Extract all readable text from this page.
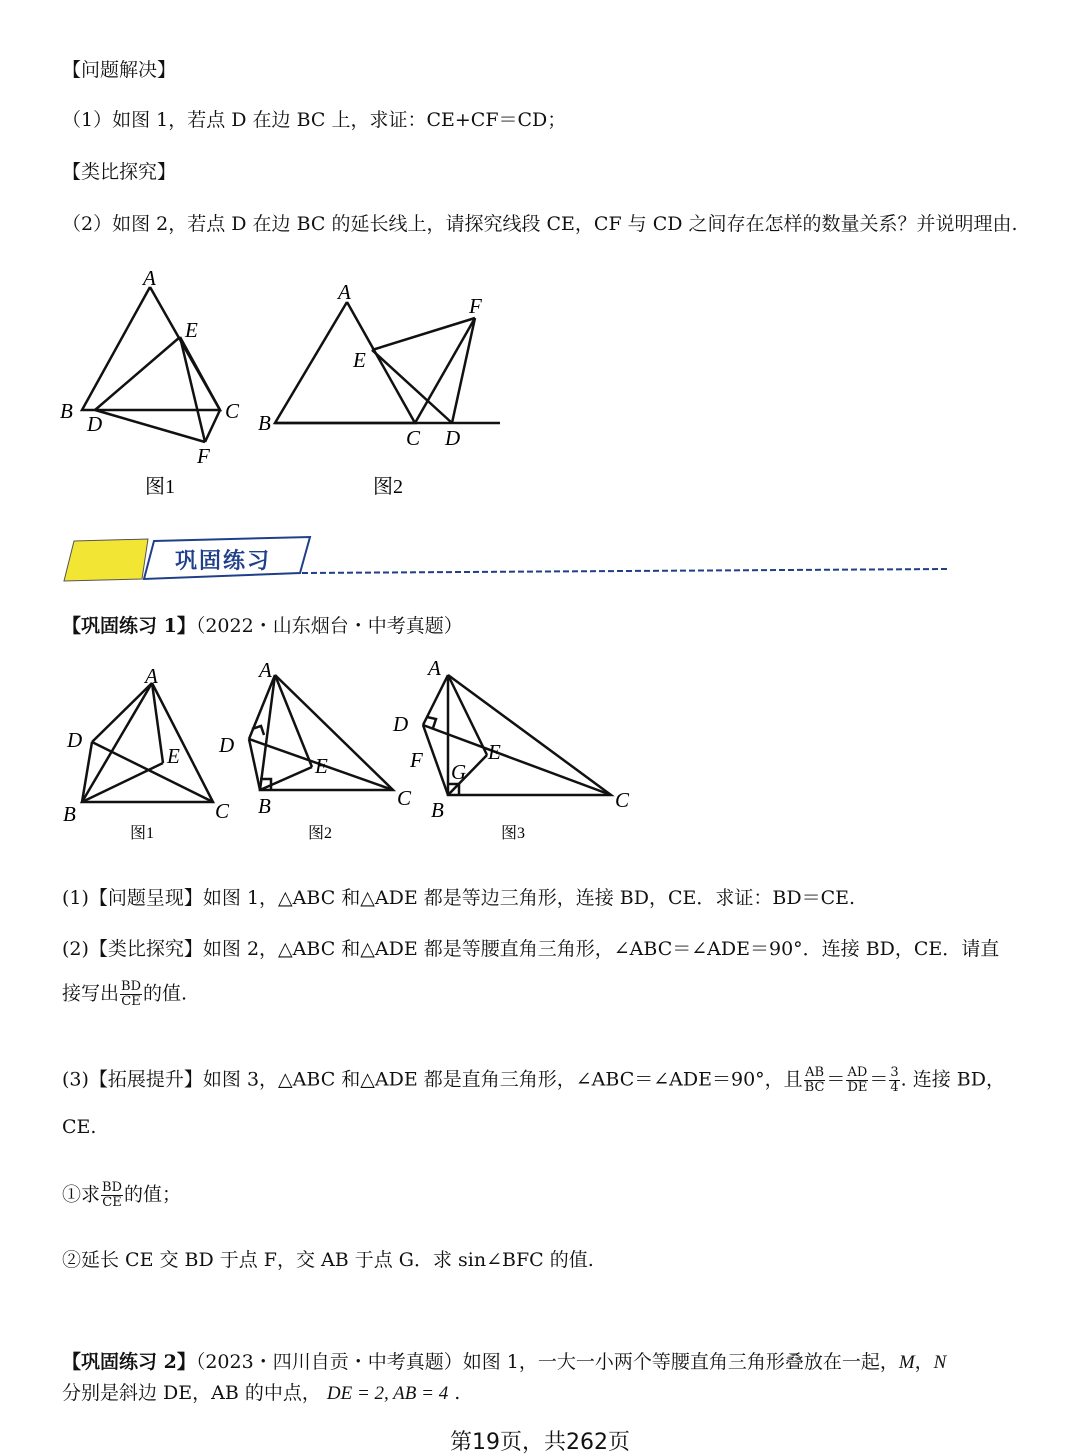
【问题解决】
（1）如图 1，若点 D 在边 BC 上，求证：CE+CF＝CD；
【类比探究】
（2）如图 2，若点 D 在边 BC 的延长线上，请探究线段 CE，CF 与 CD 之间存在怎样的数量关系？并说明理由.
A
E
B
D
C
F
图1
A
F
E
B
C D
图2
巩固练习
【巩固练习 1】（2022・山东烟台・中考真题）
A
D
E
B	C
图1
A
D
E
B	C
图2
A
D
F G
E
B	C
图3
(1)【问题呈现】如图 1，△ABC 和△ADE 都是等边三角形，连接 BD，CE．求证：BD＝CE.
(2)【类比探究】如图 2，△ABC 和△ADE 都是等腰直角三角形，∠ABC＝∠ADE＝90°．连接 BD，CE．请直
接写出 $\frac{BD}{CE}$ 的值.
(3)【拓展提升】如图 3，△ABC 和△ADE 都是直角三角形，∠ABC＝∠ADE＝90°，且 $\frac{AB}{BC} = \frac{AD}{DE} = \frac{3}{4}$ . 连接 BD，
CE.
①求 $\frac{BD}{CE}$ 的值；
②延长 CE 交 BD 于点 F，交 AB 于点 G．求 sin∠BFC 的值.
【巩固练习 2】（2023・四川自贡・中考真题）如图 1，一大一小两个等腰直角三角形叠放在一起，M，N
分别是斜边 DE，AB 的中点， DE = 2, AB = 4 .
第19页，共262页
